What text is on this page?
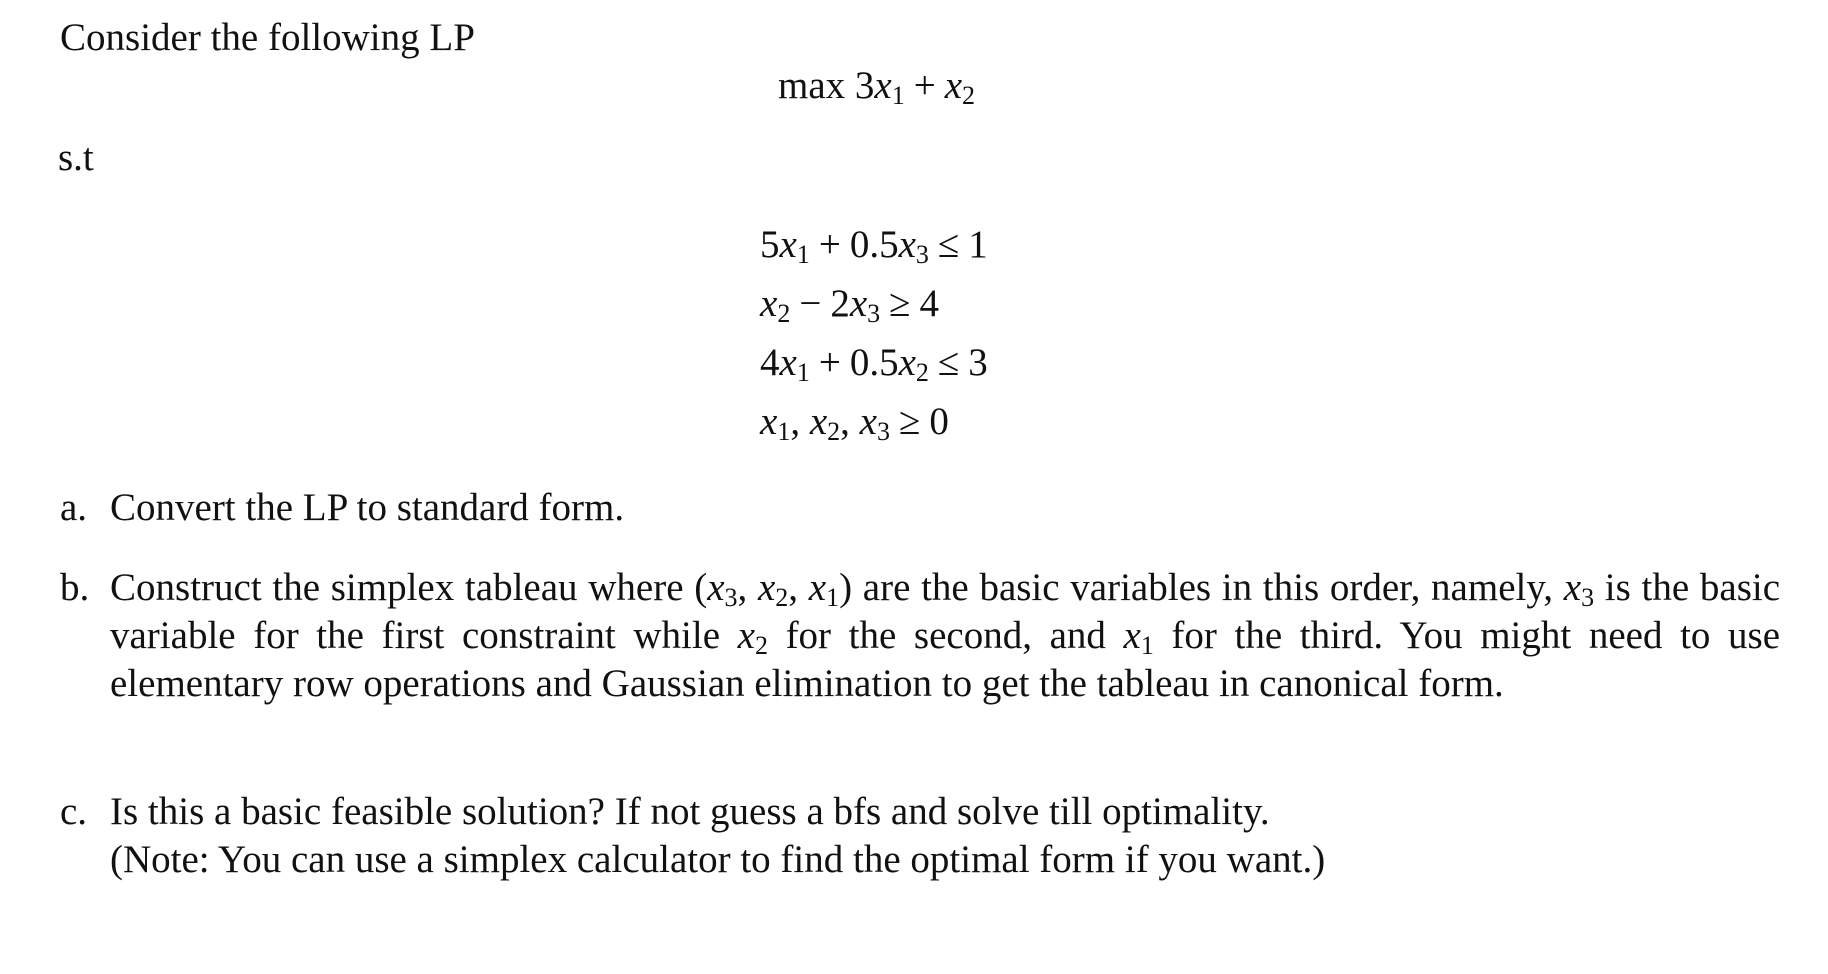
Consider the following LP
$\max 3x_1 + x_2$
s.t
$5x_1 + 0.5x_3 \le 1$
$x_2 - 2x_3 \ge 4$
$4x_1 + 0.5x_2 \le 3$
$x_1$, $x_2$, $x_3 \ge 0$
a. Convert the LP to standard form.
b. Construct the simplex tableau where ($x_3$, $x_2$, $x_1$) are the basic variables in this order, namely, $x_3$ is the basic variable for the first constraint while $x_2$ for the second, and $x_1$ for the third. You might need to use elementary row operations and Gaussian elimination to get the tableau in canonical form.
c. Is this a basic feasible solution? If not guess a bfs and solve till optimality.
(Note: You can use a simplex calculator to find the optimal form if you want.)
